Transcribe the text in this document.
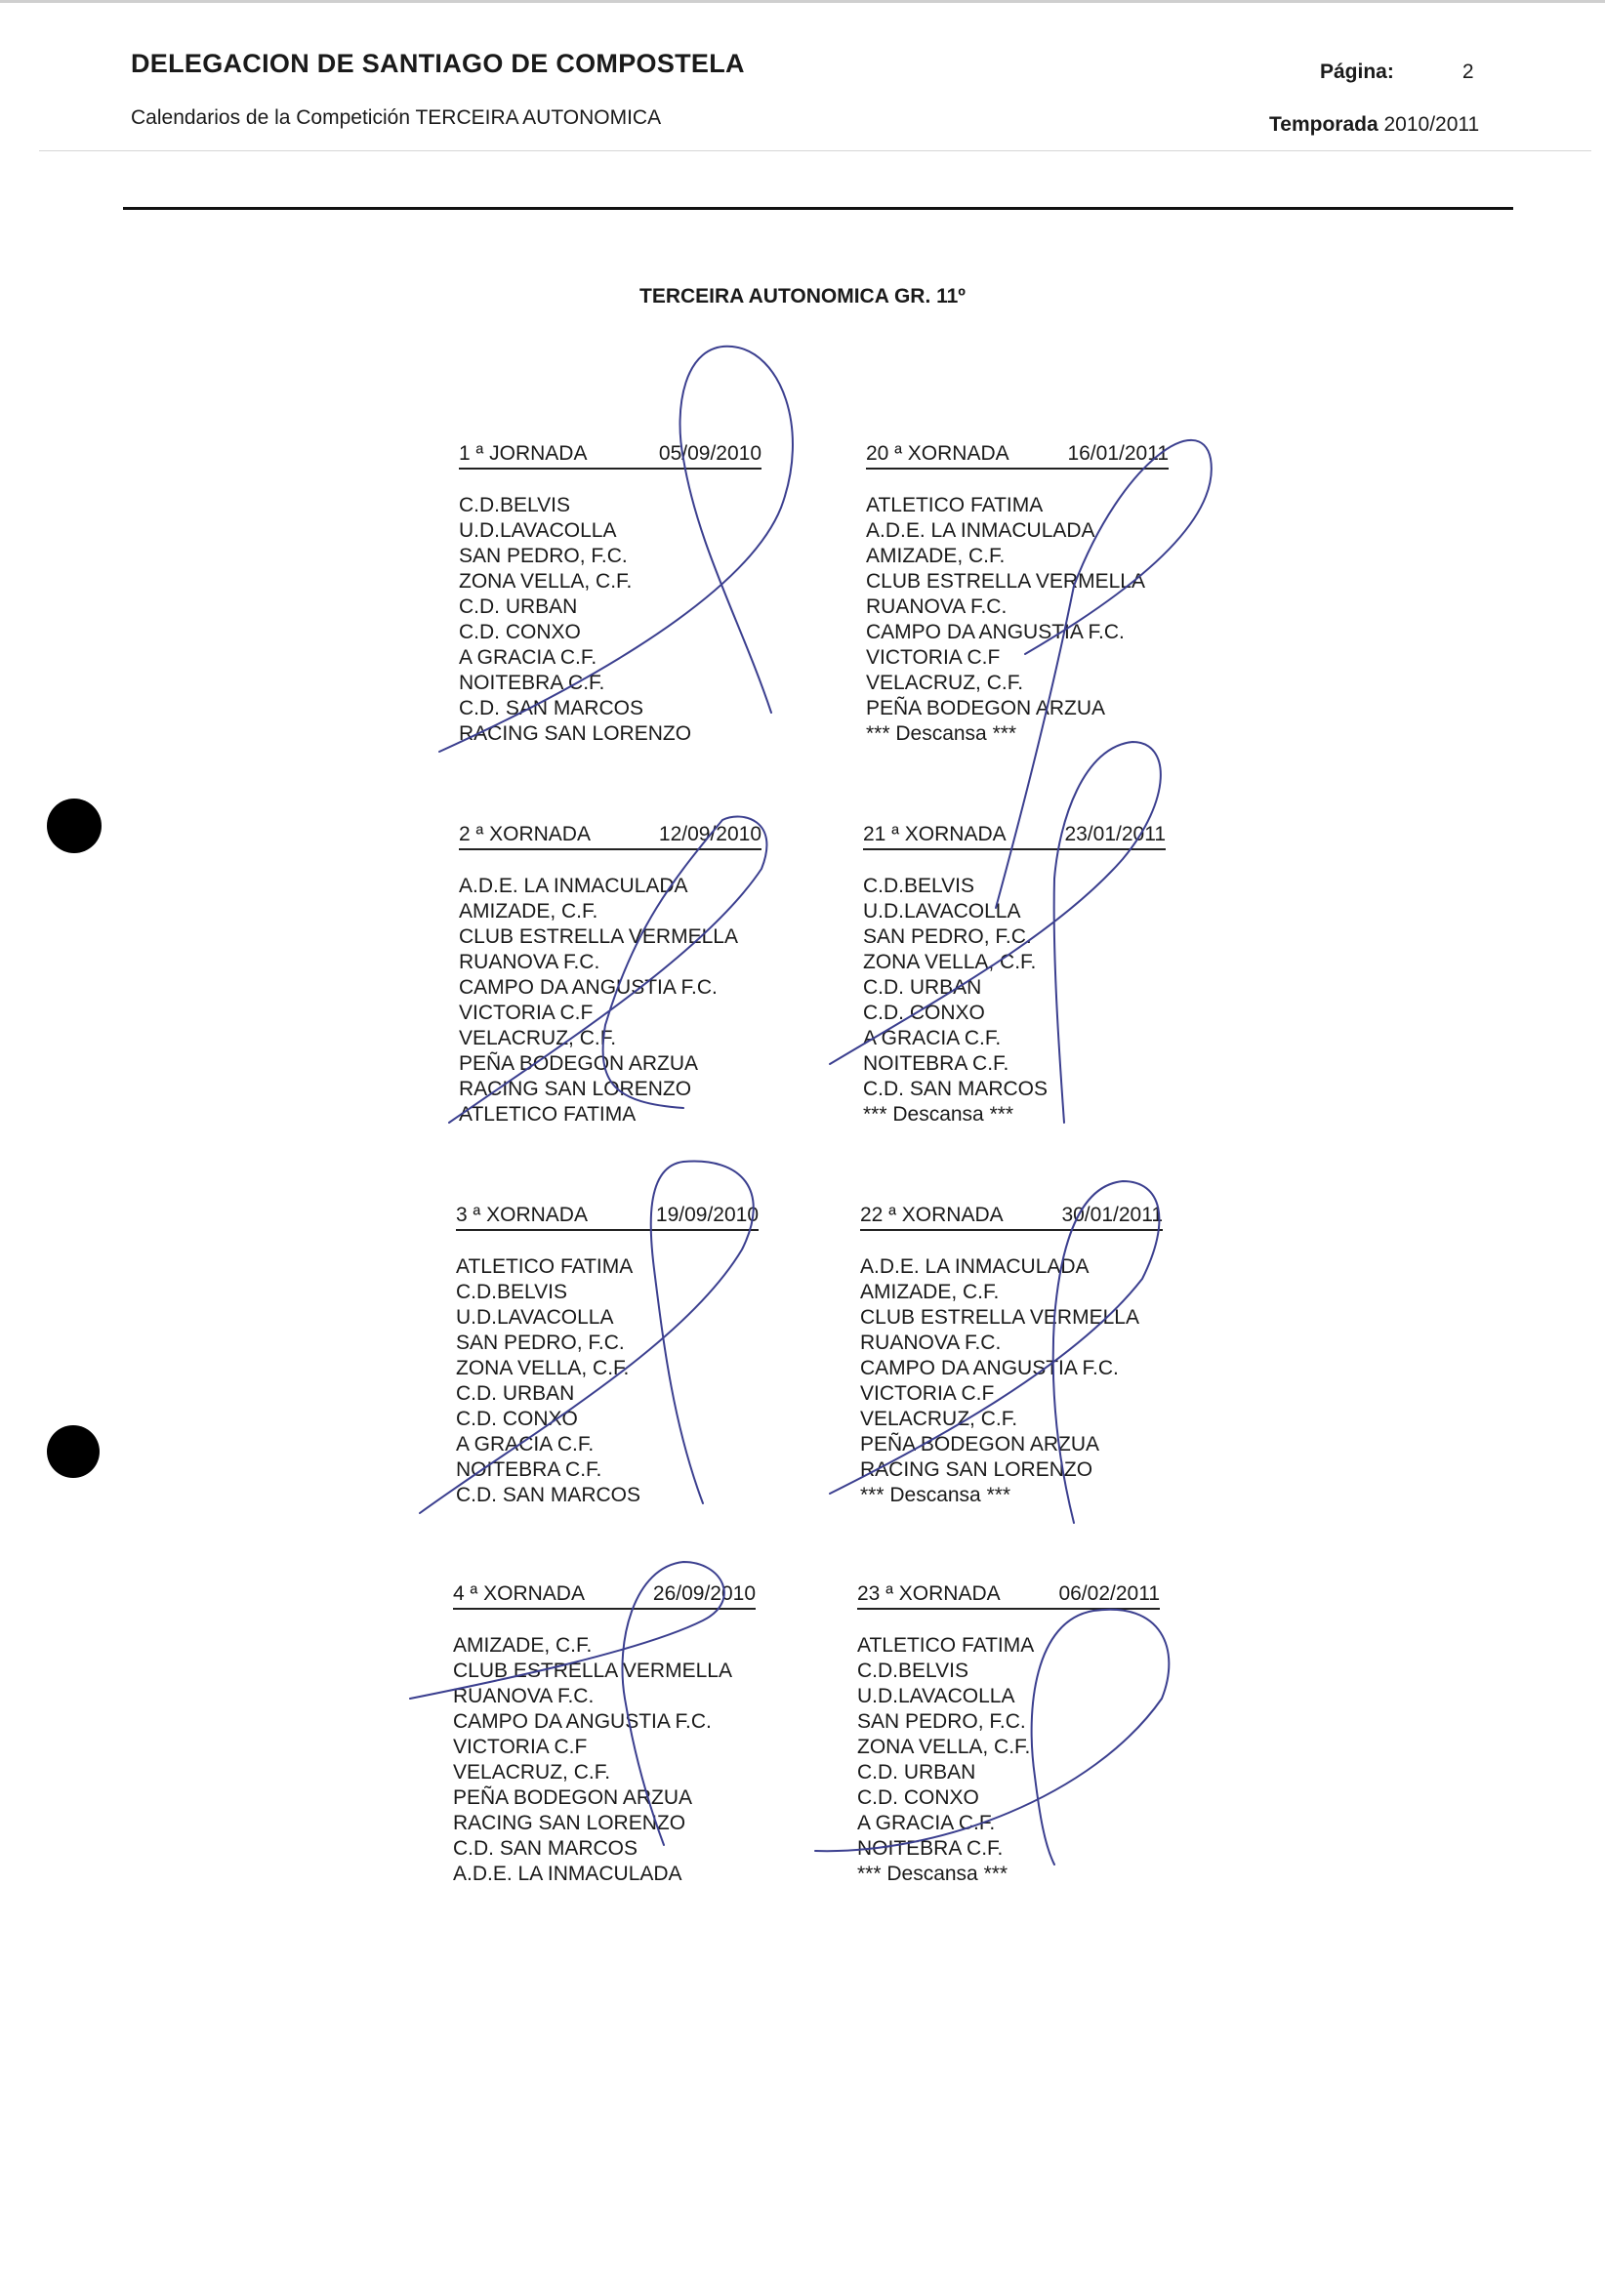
DELEGACION DE SANTIAGO DE COMPOSTELA
Calendarios de la Competición TERCEIRA AUTONOMICA
Página:	2
Temporada 2010/2011
TERCEIRA AUTONOMICA GR. 11º
1 ª JORNADA	05/09/2010
C.D.BELVIS
U.D.LAVACOLLA
SAN PEDRO, F.C.
ZONA VELLA, C.F.
C.D. URBAN
C.D. CONXO
A GRACIA C.F.
NOITEBRA C.F.
C.D. SAN MARCOS
RACING SAN LORENZO
20 ª XORNADA	16/01/2011
ATLETICO FATIMA
A.D.E. LA INMACULADA
AMIZADE, C.F.
CLUB ESTRELLA VERMELLA
RUANOVA F.C.
CAMPO DA ANGUSTIA F.C.
VICTORIA C.F
VELACRUZ, C.F.
PEÑA BODEGON ARZUA
*** Descansa ***
2 ª XORNADA	12/09/2010
A.D.E. LA INMACULADA
AMIZADE, C.F.
CLUB ESTRELLA VERMELLA
RUANOVA F.C.
CAMPO DA ANGUSTIA F.C.
VICTORIA C.F
VELACRUZ, C.F.
PEÑA BODEGON ARZUA
RACING SAN LORENZO
ATLETICO FATIMA
21 ª XORNADA	23/01/2011
C.D.BELVIS
U.D.LAVACOLLA
SAN PEDRO, F.C.
ZONA VELLA, C.F.
C.D. URBAN
C.D. CONXO
A GRACIA C.F.
NOITEBRA C.F.
C.D. SAN MARCOS
*** Descansa ***
3 ª XORNADA	19/09/2010
ATLETICO FATIMA
C.D.BELVIS
U.D.LAVACOLLA
SAN PEDRO, F.C.
ZONA VELLA, C.F.
C.D. URBAN
C.D. CONXO
A GRACIA C.F.
NOITEBRA C.F.
C.D. SAN MARCOS
22 ª XORNADA	30/01/2011
A.D.E. LA INMACULADA
AMIZADE, C.F.
CLUB ESTRELLA VERMELLA
RUANOVA F.C.
CAMPO DA ANGUSTIA F.C.
VICTORIA C.F
VELACRUZ, C.F.
PEÑA BODEGON ARZUA
RACING SAN LORENZO
*** Descansa ***
4 ª XORNADA	26/09/2010
AMIZADE, C.F.
CLUB ESTRELLA VERMELLA
RUANOVA F.C.
CAMPO DA ANGUSTIA F.C.
VICTORIA C.F
VELACRUZ, C.F.
PEÑA BODEGON ARZUA
RACING SAN LORENZO
C.D. SAN MARCOS
A.D.E. LA INMACULADA
23 ª XORNADA	06/02/2011
ATLETICO FATIMA
C.D.BELVIS
U.D.LAVACOLLA
SAN PEDRO, F.C.
ZONA VELLA, C.F.
C.D. URBAN
C.D. CONXO
A GRACIA C.F.
NOITEBRA C.F.
*** Descansa ***
